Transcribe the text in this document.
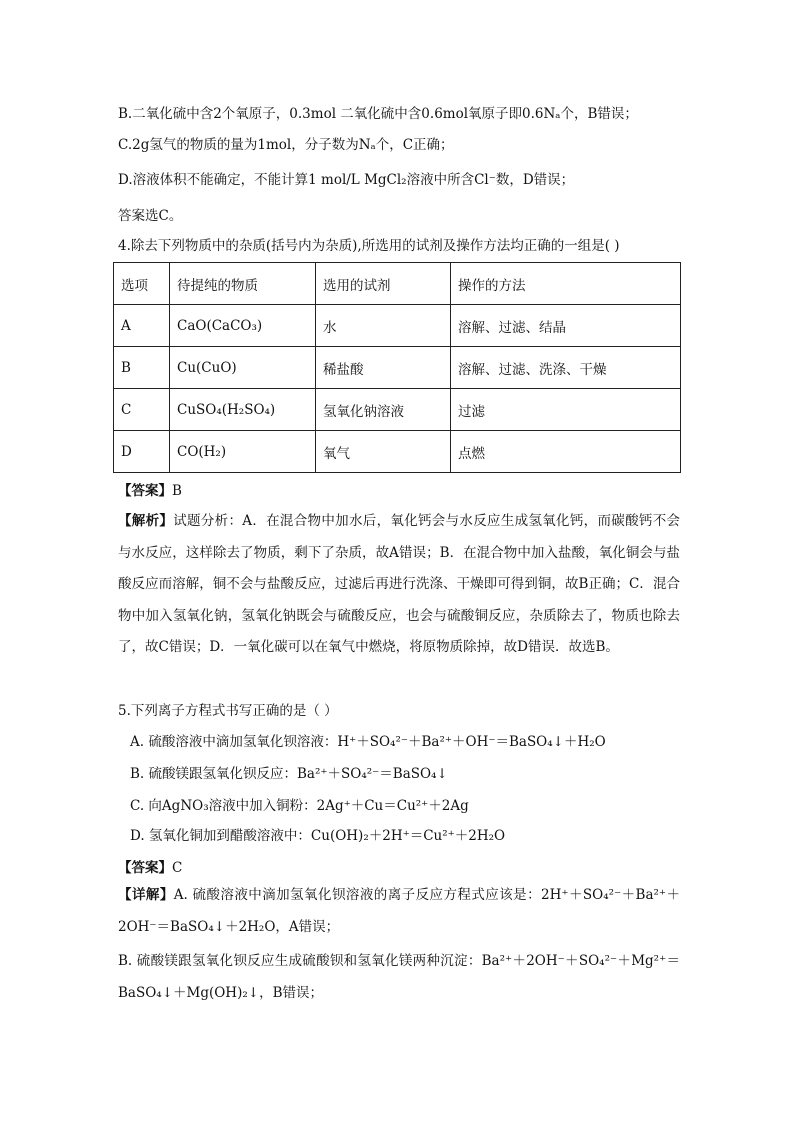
B.二氧化硫中含2个氧原子，0.3mol 二氧化硫中含0.6mol氧原子即0.6Nₐ个，B错误；
C.2g氢气的物质的量为1mol，分子数为Nₐ个，C正确；
D.溶液体积不能确定，不能计算1 mol/L MgCl₂溶液中所含Cl⁻数，D错误；
答案选C。
4.除去下列物质中的杂质(括号内为杂质),所选用的试剂及操作方法均正确的一组是( )
选项	待提纯的物质	选用的试剂	操作的方法
A	CaO(CaCO₃)	水	溶解、过滤、结晶
B	Cu(CuO)	稀盐酸	溶解、过滤、洗涤、干燥
C	CuSO₄(H₂SO₄)	氢氧化钠溶液	过滤
D	CO(H₂)	氧气	点燃
【答案】B
【解析】试题分析：A．在混合物中加水后，氧化钙会与水反应生成氢氧化钙，而碳酸钙不会与水反应，这样除去了物质，剩下了杂质，故A错误；B．在混合物中加入盐酸，氧化铜会与盐酸反应而溶解，铜不会与盐酸反应，过滤后再进行洗涤、干燥即可得到铜，故B正确；C．混合物中加入氢氧化钠，氢氧化钠既会与硫酸反应，也会与硫酸铜反应，杂质除去了，物质也除去了，故C错误；D．一氧化碳可以在氧气中燃烧，将原物质除掉，故D错误．故选B。
5.下列离子方程式书写正确的是（ ）
A. 硫酸溶液中滴加氢氧化钡溶液：H⁺＋SO₄²⁻＋Ba²⁺＋OH⁻＝BaSO₄↓＋H₂O
B. 硫酸镁跟氢氧化钡反应：Ba²⁺＋SO₄²⁻＝BaSO₄↓
C. 向AgNO₃溶液中加入铜粉：2Ag⁺＋Cu＝Cu²⁺＋2Ag
D. 氢氧化铜加到醋酸溶液中：Cu(OH)₂＋2H⁺＝Cu²⁺＋2H₂O
【答案】C
【详解】A. 硫酸溶液中滴加氢氧化钡溶液的离子反应方程式应该是：2H⁺＋SO₄²⁻＋Ba²⁺＋2OH⁻＝BaSO₄↓＋2H₂O，A错误；
B. 硫酸镁跟氢氧化钡反应生成硫酸钡和氢氧化镁两种沉淀：Ba²⁺＋2OH⁻＋SO₄²⁻＋Mg²⁺＝BaSO₄↓＋Mg(OH)₂↓，B错误；
